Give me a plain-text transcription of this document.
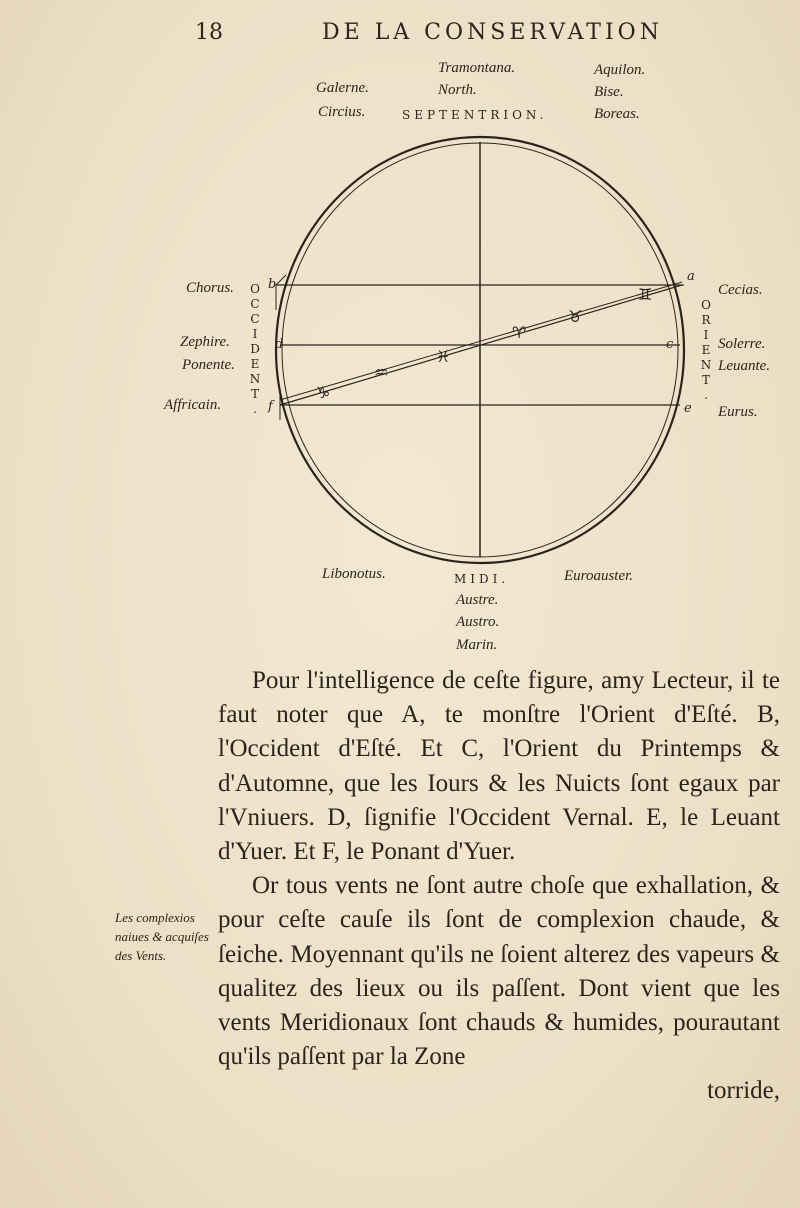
18	DE LA CONSERVATION
Galerne.
Circius.
Tramontana.
North.
SEPTENTRION.
Aquilon.
Bise.
Boreas.
Chorus.
Zephire.
Ponente.
Affricain.
Cecias.
Solerre.
Leuante.
Eurus.
O
C
C
I
D
E
N
T
.
O
R
I
E
N
T
.
Libonotus.	MIDI.
Austre.
Austro.
Marin.
Euroauster.
a
b
c
d
e
f
♊
♉
♈
♓
♒
♑

Pour l'intelligence de ceſte figure, amy Lecteur, il te faut noter que A, te monſtre l'Orient d'Eſté. B, l'Occident d'Eſté. Et C, l'Orient du Printemps & d'Automne, que les Iours & les Nuicts ſont egaux par l'Vniuers. D, ſignifie l'Occident Vernal. E, le Leuant d'Yuer. Et F, le Ponant d'Yuer.

Or tous vents ne ſont autre choſe que exhallation, & pour ceſte cauſe ils ſont de complexion chaude, & ſeiche. Moyennant qu'ils ne ſoient alterez des vapeurs & qualitez des lieux ou ils paſſent. Dont vient que les vents Meridionaux ſont chauds & humides, pourautant qu'ils paſſent par la Zone

torride,

Les complexios naiues & acquiſes des Vents.
